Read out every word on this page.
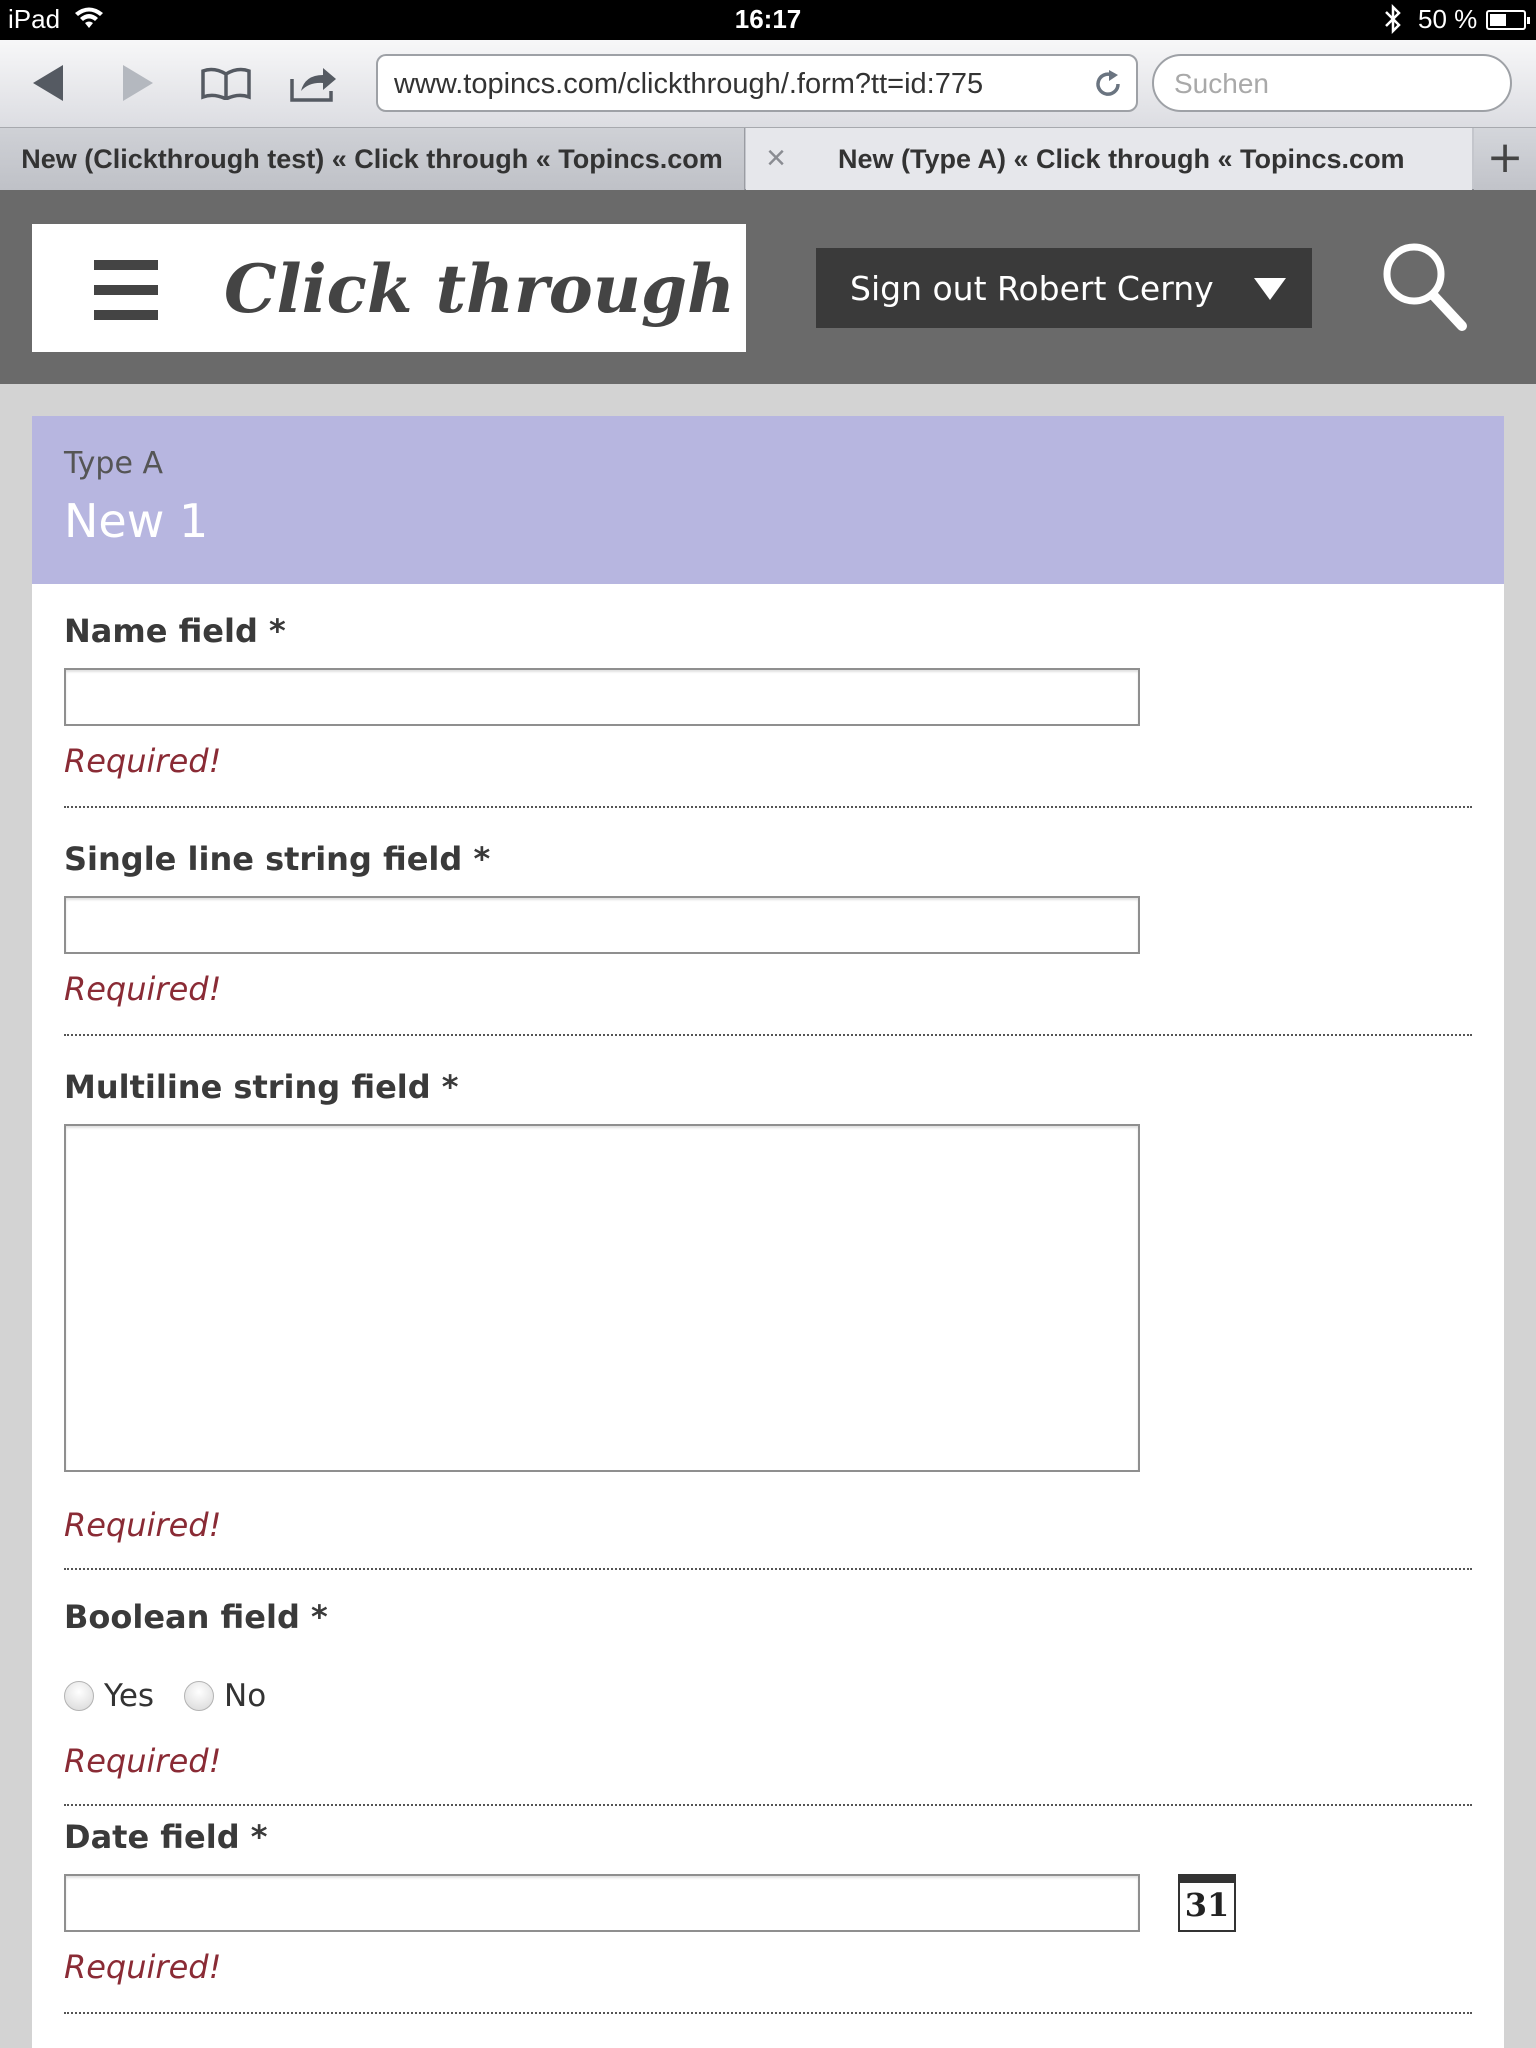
iPad	16:17	50 %
www.topincs.com/clickthrough/.form?tt=id:775	Suchen
New (Clickthrough test) « Click through « Topincs.com × New (Type A) « Click through « Topincs.com +
Click through	Sign out Robert Cerny
Type A
New 1
Name field *
Required!
Single line string field *
Required!
Multiline string field *
Required!
Boolean field *
Yes No
Required!
Date field *
31
Required!
